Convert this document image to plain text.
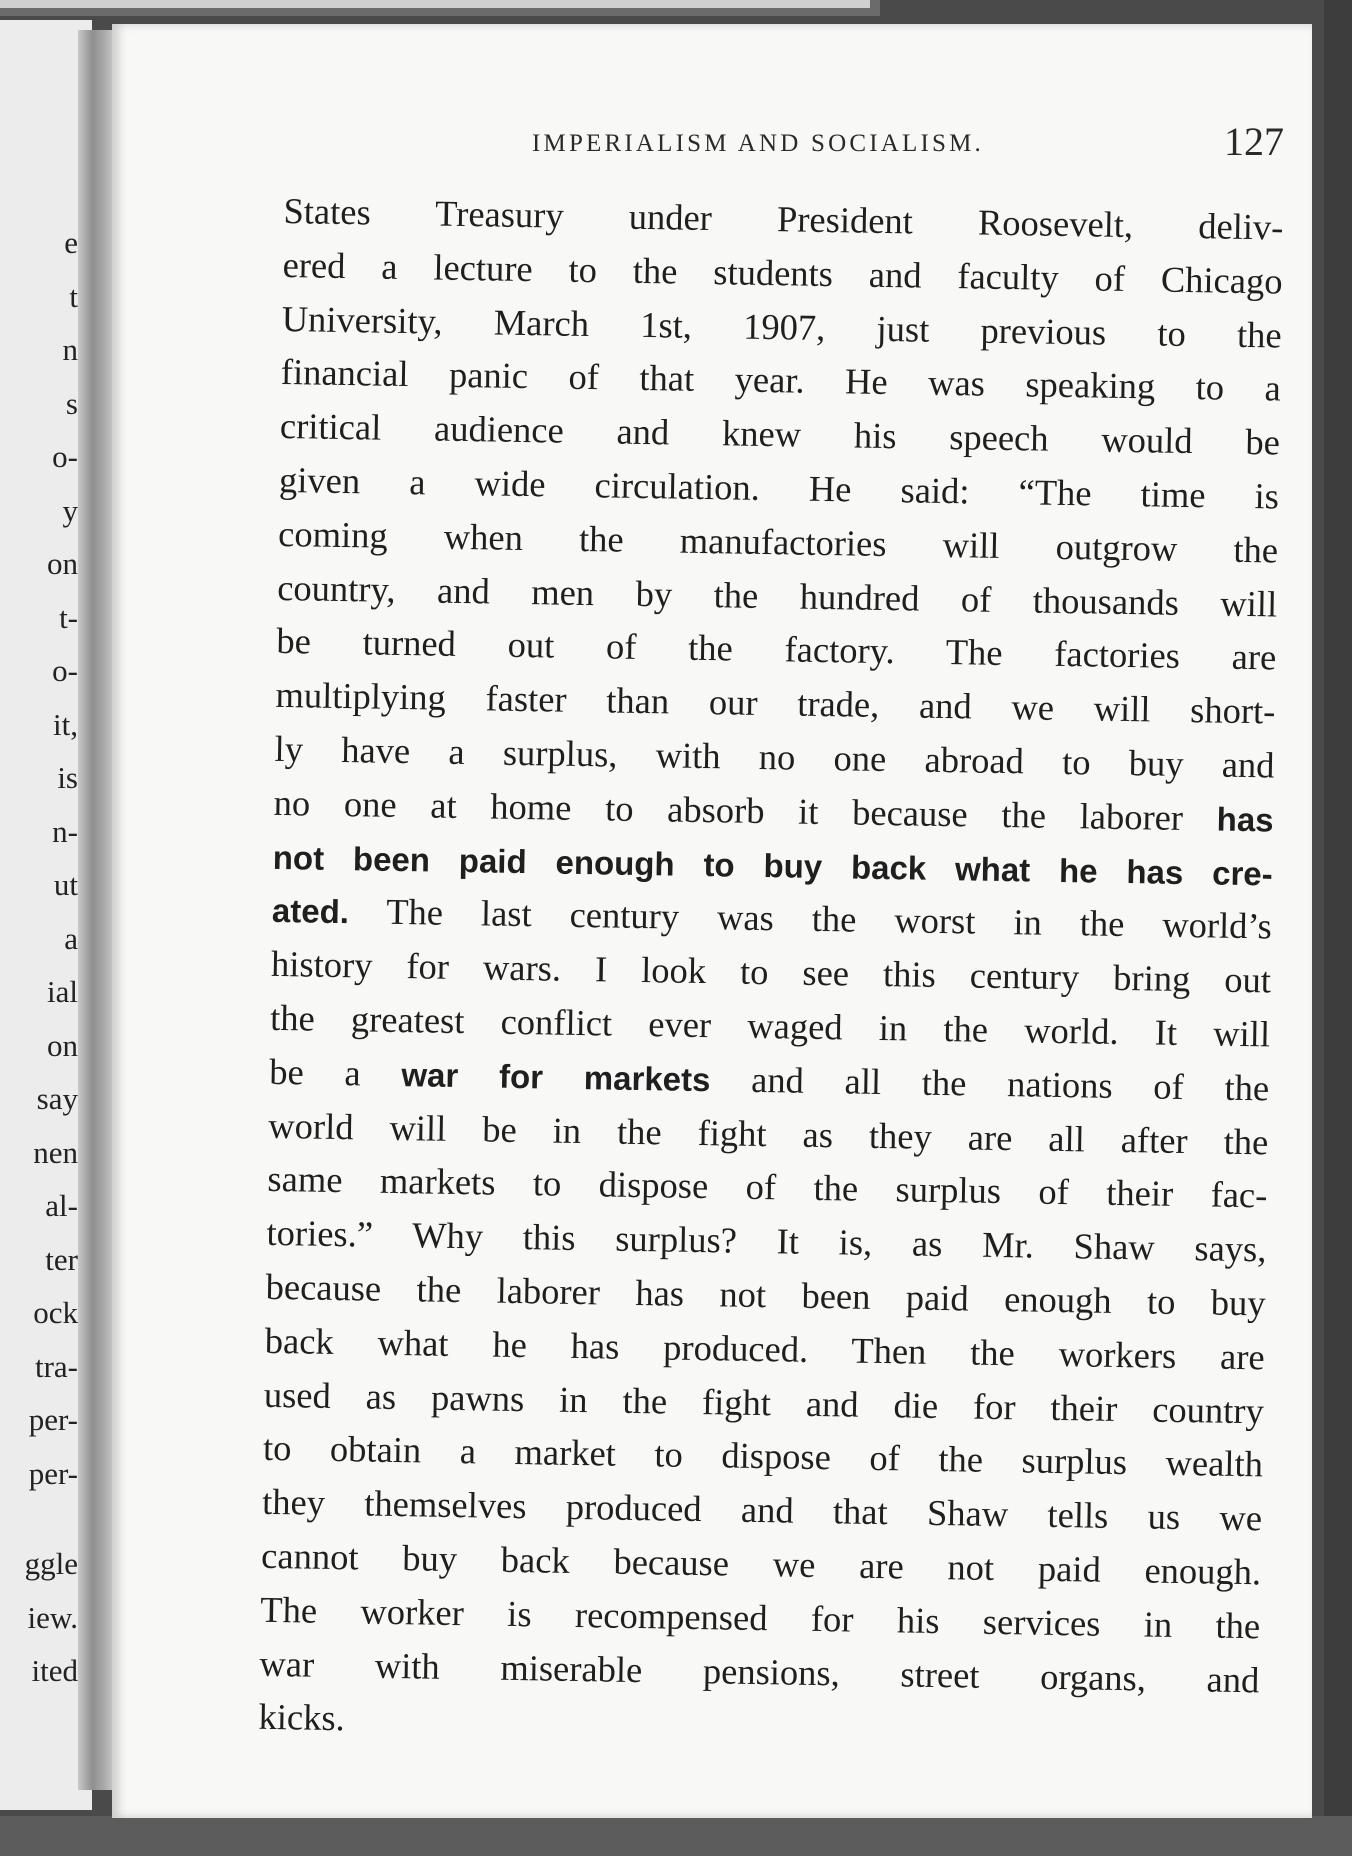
e
t
n
s
o-
y
on
t-
o-
it,
is
n-
ut
a
ial
on
say
nen
al-
ter
ock
tra-
per-
per-
ggle
iew.
ited
IMPERIALISM AND SOCIALISM.	127
States Treasury under President Roosevelt, deliv-
ered a lecture to the students and faculty of Chicago
University, March 1st, 1907, just previous to the
financial panic of that year. He was speaking to a
critical audience and knew his speech would be
given a wide circulation. He said: “The time is
coming when the manufactories will outgrow the
country, and men by the hundred of thousands will
be turned out of the factory. The factories are
multiplying faster than our trade, and we will short-
ly have a surplus, with no one abroad to buy and
no one at home to absorb it because the laborer has
not been paid enough to buy back what he has cre-
ated. The last century was the worst in the world’s
history for wars. I look to see this century bring out
the greatest conflict ever waged in the world. It will
be a war for markets and all the nations of the
world will be in the fight as they are all after the
same markets to dispose of the surplus of their fac-
tories.” Why this surplus? It is, as Mr. Shaw says,
because the laborer has not been paid enough to buy
back what he has produced. Then the workers are
used as pawns in the fight and die for their country
to obtain a market to dispose of the surplus wealth
they themselves produced and that Shaw tells us we
cannot buy back because we are not paid enough.
The worker is recompensed for his services in the
war with miserable pensions, street organs, and
kicks.
